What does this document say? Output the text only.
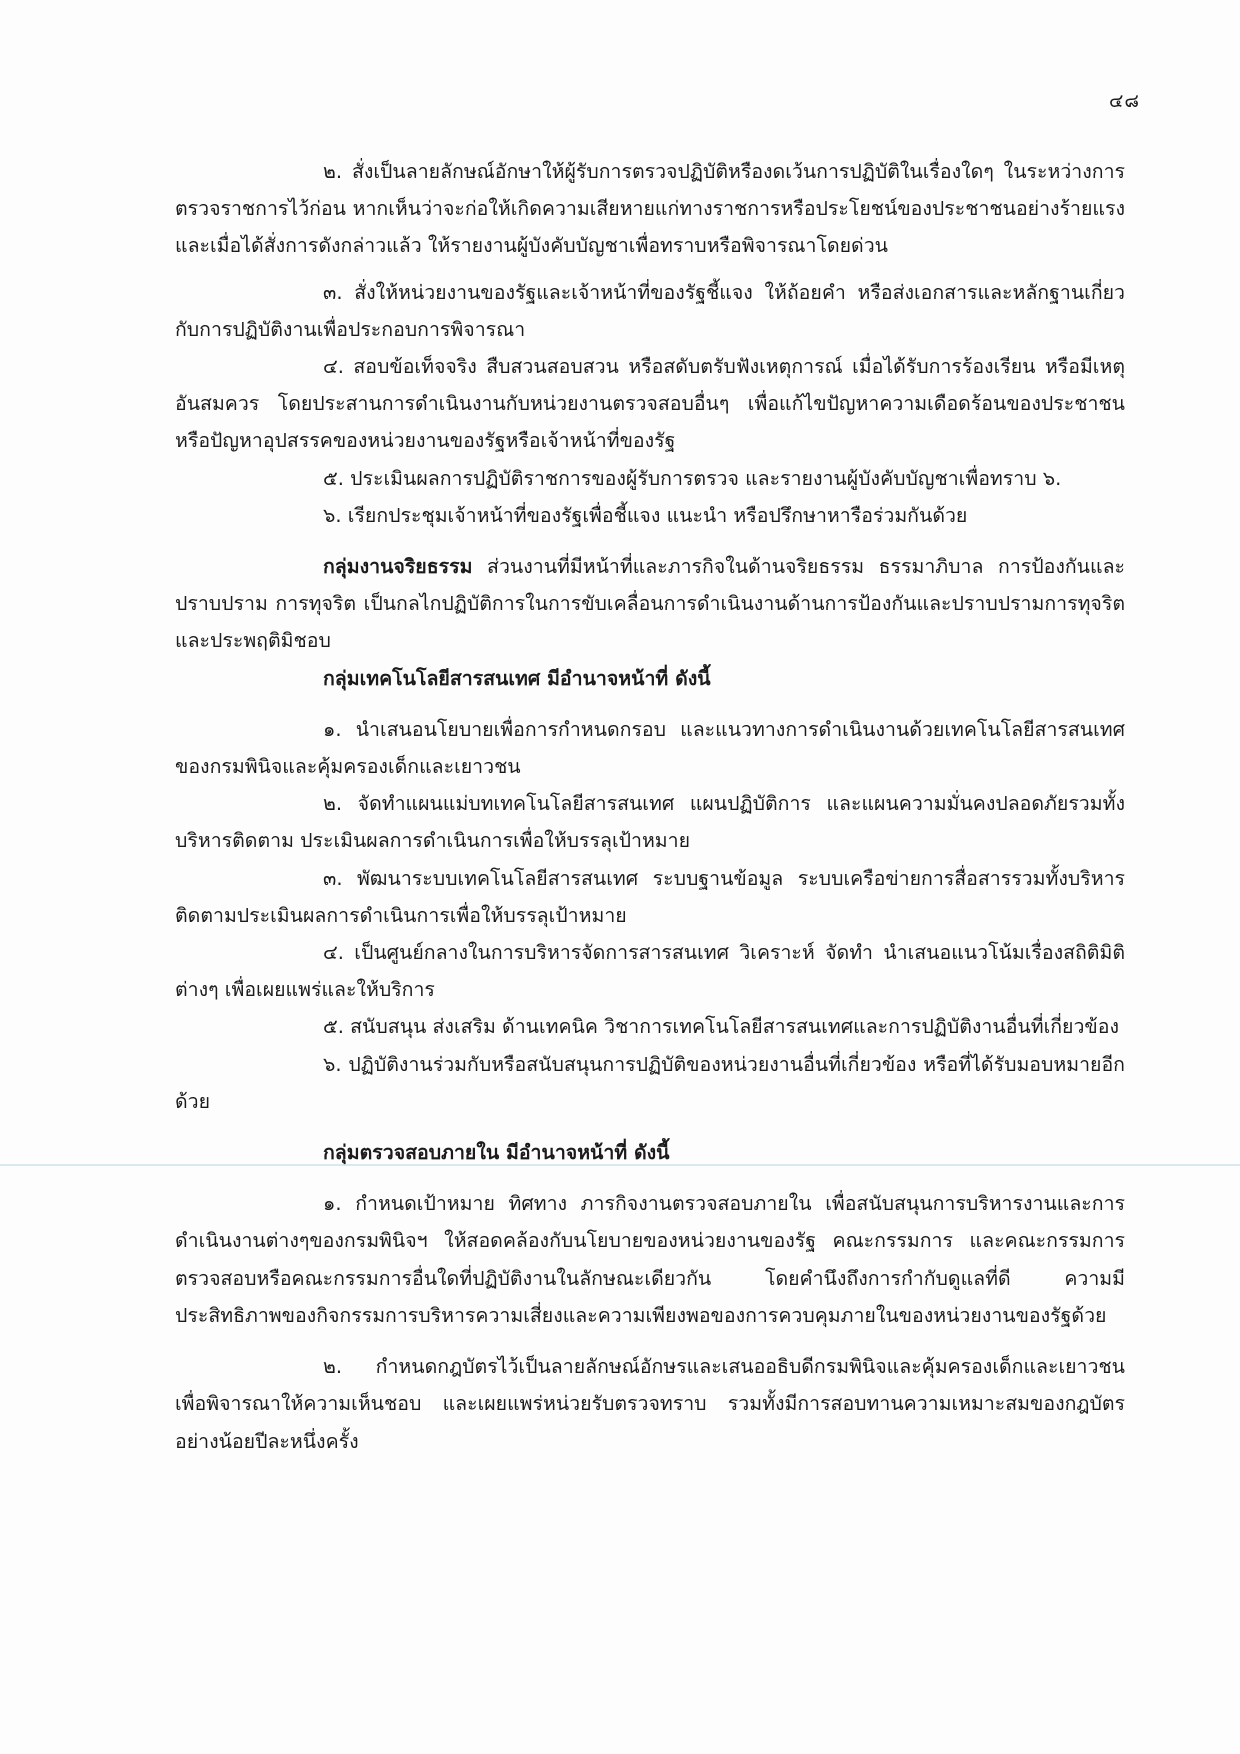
๔๘

๒. สั่งเป็นลายลักษณ์อักษาให้ผู้รับการตรวจปฏิบัติหรืองดเว้นการปฏิบัติในเรื่องใดๆ ในระหว่างการตรวจราชการไว้ก่อน หากเห็นว่าจะก่อให้เกิดความเสียหายแก่ทางราชการหรือประโยชน์ของประชาชนอย่างร้ายแรง และเมื่อได้สั่งการดังกล่าวแล้ว ให้รายงานผู้บังคับบัญชาเพื่อทราบหรือพิจารณาโดยด่วน

๓. สั่งให้หน่วยงานของรัฐและเจ้าหน้าที่ของรัฐชี้แจง ให้ถ้อยคำ หรือส่งเอกสารและหลักฐานเกี่ยวกับการปฏิบัติงานเพื่อประกอบการพิจารณา

๔. สอบข้อเท็จจริง สืบสวนสอบสวน หรือสดับตรับฟังเหตุการณ์ เมื่อได้รับการร้องเรียน หรือมีเหตุอันสมควร โดยประสานการดำเนินงานกับหน่วยงานตรวจสอบอื่นๆ เพื่อแก้ไขปัญหาความเดือดร้อนของประชาชนหรือปัญหาอุปสรรคของหน่วยงานของรัฐหรือเจ้าหน้าที่ของรัฐ

๕. ประเมินผลการปฏิบัติราชการของผู้รับการตรวจ และรายงานผู้บังคับบัญชาเพื่อทราบ ๖.

๖. เรียกประชุมเจ้าหน้าที่ของรัฐเพื่อชี้แจง แนะนำ หรือปรึกษาหารือร่วมกันด้วย

กลุ่มงานจริยธรรม ส่วนงานที่มีหน้าที่และภารกิจในด้านจริยธรรม ธรรมาภิบาล การป้องกันและปราบปราม การทุจริต เป็นกลไกปฏิบัติการในการขับเคลื่อนการดำเนินงานด้านการป้องกันและปราบปรามการทุจริต และประพฤติมิชอบ

กลุ่มเทคโนโลยีสารสนเทศ มีอำนาจหน้าที่ ดังนี้

๑. นำเสนอนโยบายเพื่อการกำหนดกรอบ และแนวทางการดำเนินงานด้วยเทคโนโลยีสารสนเทศของกรมพินิจและคุ้มครองเด็กและเยาวชน

๒. จัดทำแผนแม่บทเทคโนโลยีสารสนเทศ แผนปฏิบัติการ และแผนความมั่นคงปลอดภัยรวมทั้งบริหารติดตาม ประเมินผลการดำเนินการเพื่อให้บรรลุเป้าหมาย

๓. พัฒนาระบบเทคโนโลยีสารสนเทศ ระบบฐานข้อมูล ระบบเครือข่ายการสื่อสารรวมทั้งบริหารติดตามประเมินผลการดำเนินการเพื่อให้บรรลุเป้าหมาย

๔. เป็นศูนย์กลางในการบริหารจัดการสารสนเทศ วิเคราะห์ จัดทำ นำเสนอแนวโน้มเรื่องสถิติมิติต่างๆ เพื่อเผยแพร่และให้บริการ

๕. สนับสนุน ส่งเสริม ด้านเทคนิค วิชาการเทคโนโลยีสารสนเทศและการปฏิบัติงานอื่นที่เกี่ยวข้อง

๖. ปฏิบัติงานร่วมกับหรือสนับสนุนการปฏิบัติของหน่วยงานอื่นที่เกี่ยวข้อง หรือที่ได้รับมอบหมายอีกด้วย

กลุ่มตรวจสอบภายใน มีอำนาจหน้าที่ ดังนี้

๑. กำหนดเป้าหมาย ทิศทาง ภารกิจงานตรวจสอบภายใน เพื่อสนับสนุนการบริหารงานและการดำเนินงานต่างๆของกรมพินิจฯ ให้สอดคล้องกับนโยบายของหน่วยงานของรัฐ คณะกรรมการ และคณะกรรมการตรวจสอบหรือคณะกรรมการอื่นใดที่ปฏิบัติงานในลักษณะเดียวกัน โดยคำนึงถึงการกำกับดูแลที่ดี ความมีประสิทธิภาพของกิจกรรมการบริหารความเสี่ยงและความเพียงพอของการควบคุมภายในของหน่วยงานของรัฐด้วย

๒. กำหนดกฎบัตรไว้เป็นลายลักษณ์อักษรและเสนออธิบดีกรมพินิจและคุ้มครองเด็กและเยาวชน เพื่อพิจารณาให้ความเห็นชอบ และเผยแพร่หน่วยรับตรวจทราบ รวมทั้งมีการสอบทานความเหมาะสมของกฎบัตรอย่างน้อยปีละหนึ่งครั้ง
